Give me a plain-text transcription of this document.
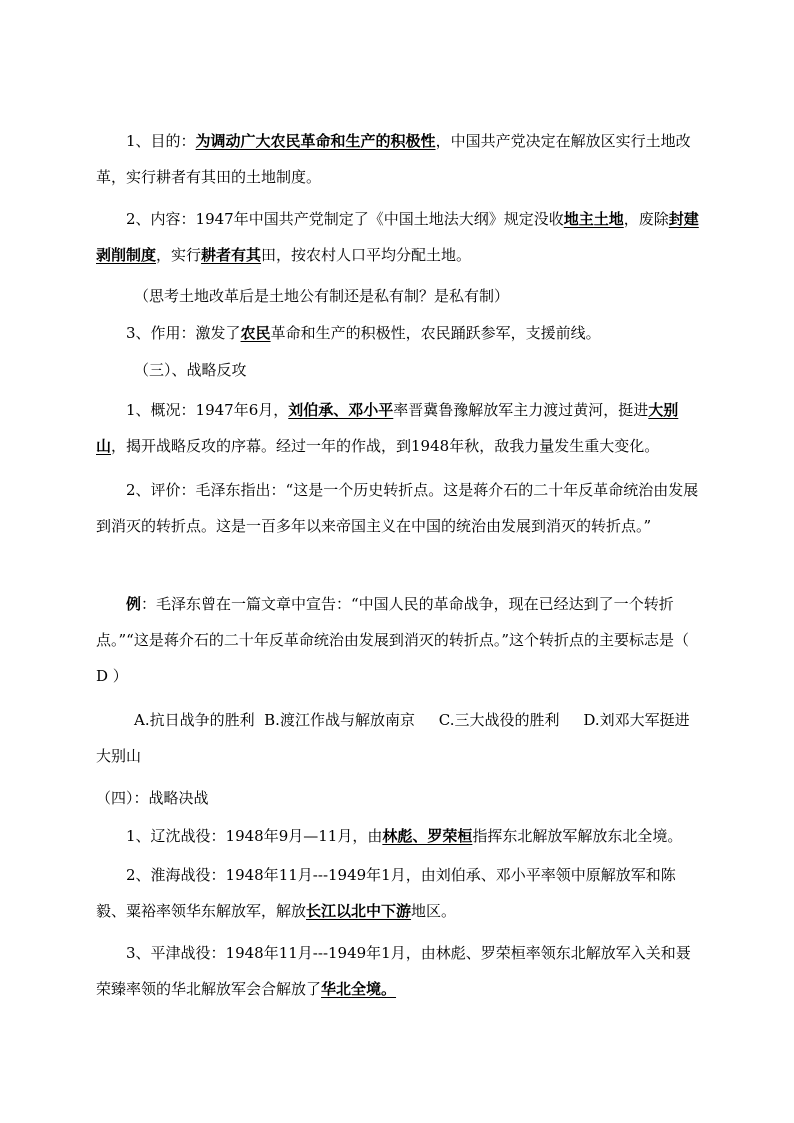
1、目的：为调动广大农民革命和生产的积极性，中国共产党决定在解放区实行土地改革，实行耕者有其田的土地制度。
2、内容：1947年中国共产党制定了《中国土地法大纲》规定没收地主土地，废除封建剥削制度，实行耕者有其田，按农村人口平均分配土地。
（思考土地改革后是土地公有制还是私有制？是私有制）
3、作用：激发了农民革命和生产的积极性，农民踊跃参军，支援前线。
（三）、战略反攻
1、概况：1947年6月，刘伯承、邓小平率晋冀鲁豫解放军主力渡过黄河，挺进大别山，揭开战略反攻的序幕。经过一年的作战，到1948年秋，敌我力量发生重大变化。
2、评价：毛泽东指出：“这是一个历史转折点。这是蒋介石的二十年反革命统治由发展到消灭的转折点。这是一百多年以来帝国主义在中国的统治由发展到消灭的转折点。”
例：毛泽东曾在一篇文章中宣告：“中国人民的革命战争，现在已经达到了一个转折点。”“这是蒋介石的二十年反革命统治由发展到消灭的转折点。”这个转折点的主要标志是（ D ）
A.抗日战争的胜利 B.渡江作战与解放南京 C.三大战役的胜利 D.刘邓大军挺进大别山
（四）：战略决战
1、辽沈战役：1948年9月—11月，由林彪、罗荣桓指挥东北解放军解放东北全境。
2、淮海战役：1948年11月---1949年1月，由刘伯承、邓小平率领中原解放军和陈毅、粟裕率领华东解放军，解放长江以北中下游地区。
3、平津战役：1948年11月---1949年1月，由林彪、罗荣桓率领东北解放军入关和聂荣臻率领的华北解放军会合解放了华北全境。
